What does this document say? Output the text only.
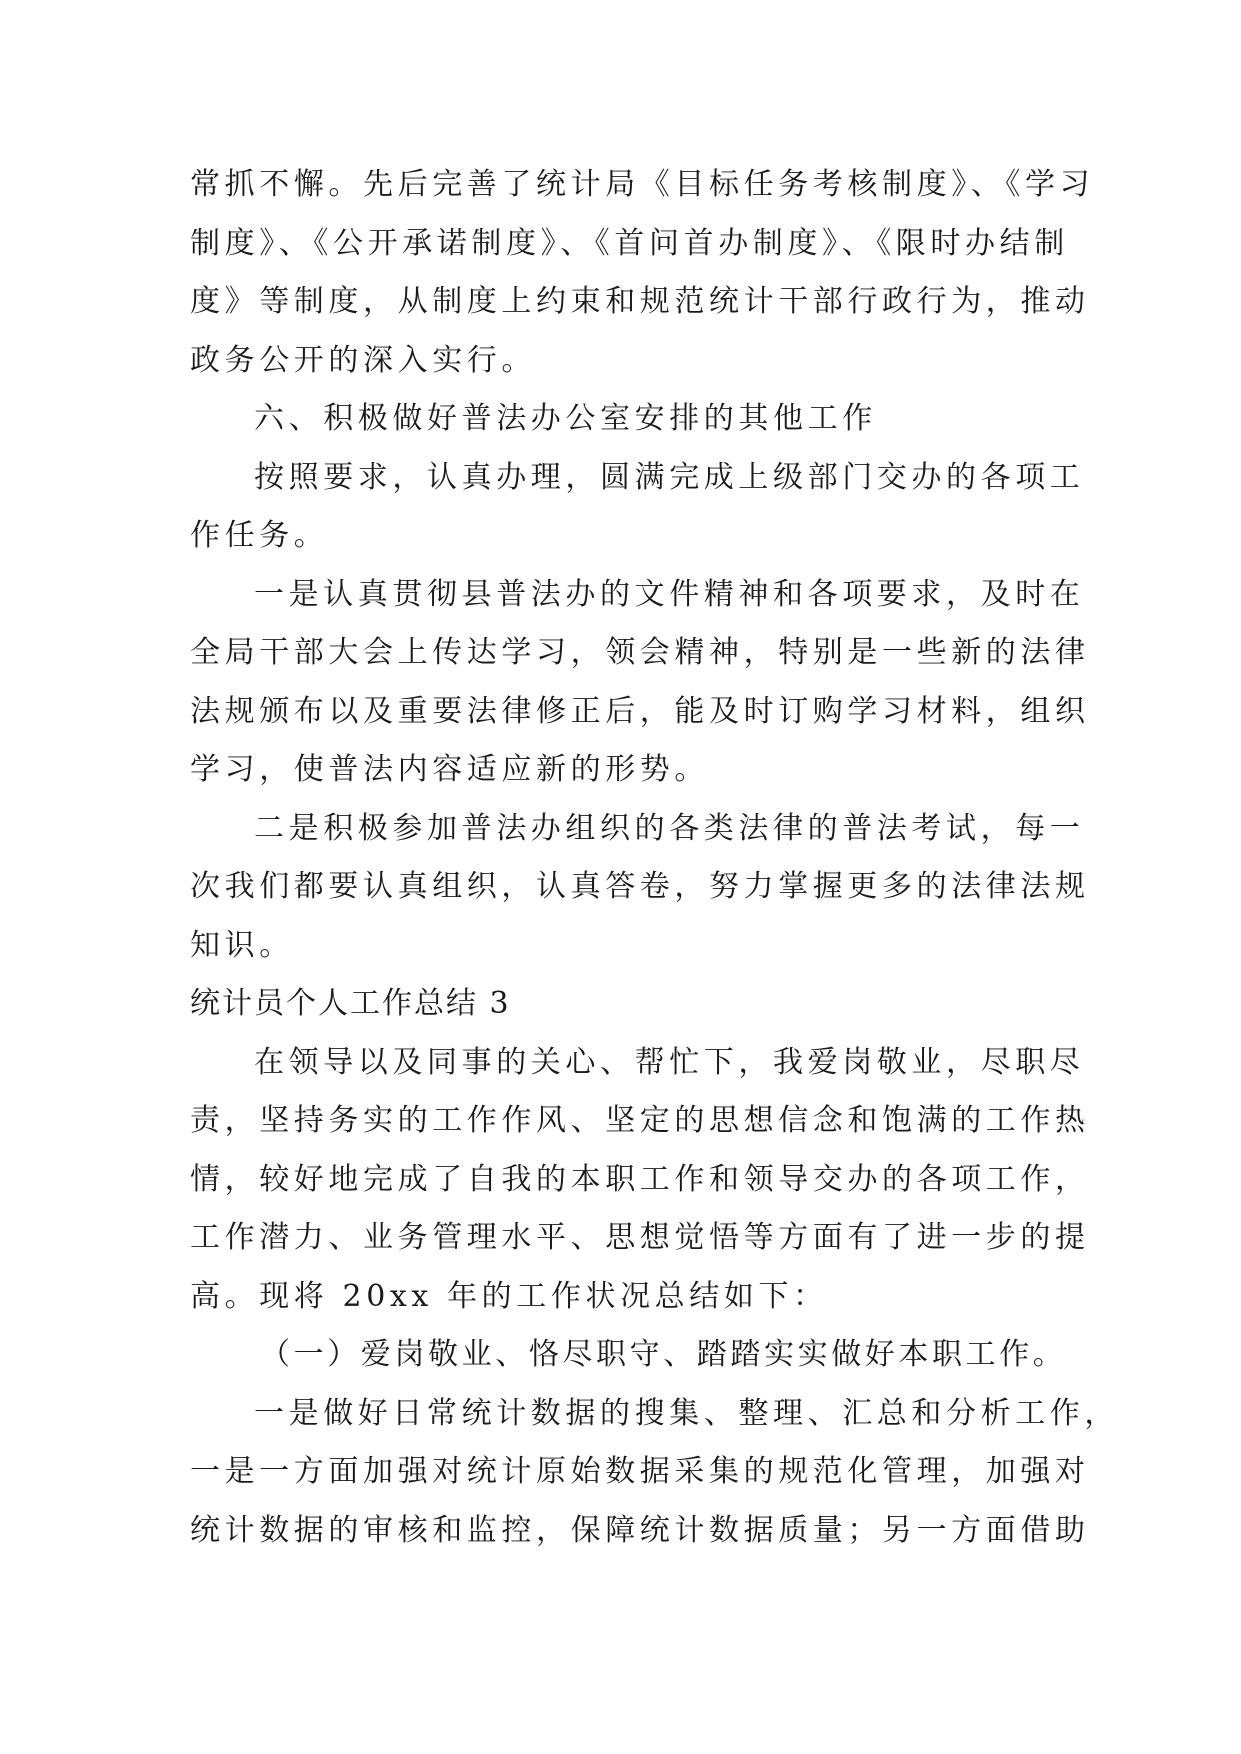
常抓不懈。先后完善了统计局《目标任务考核制度》、《学习
制度》、《公开承诺制度》、《首问首办制度》、《限时办结制
度》等制度，从制度上约束和规范统计干部行政行为，推动
政务公开的深入实行。
六、积极做好普法办公室安排的其他工作
按照要求，认真办理，圆满完成上级部门交办的各项工
作任务。
一是认真贯彻县普法办的文件精神和各项要求，及时在
全局干部大会上传达学习，领会精神，特别是一些新的法律
法规颁布以及重要法律修正后，能及时订购学习材料，组织
学习，使普法内容适应新的形势。
二是积极参加普法办组织的各类法律的普法考试，每一
次我们都要认真组织，认真答卷，努力掌握更多的法律法规
知识。
统计员个人工作总结 3
在领导以及同事的关心、帮忙下，我爱岗敬业，尽职尽
责，坚持务实的工作作风、坚定的思想信念和饱满的工作热
情，较好地完成了自我的本职工作和领导交办的各项工作，
工作潜力、业务管理水平、思想觉悟等方面有了进一步的提
高。现将 20xx 年的工作状况总结如下：
（一）爱岗敬业、恪尽职守、踏踏实实做好本职工作。
一是做好日常统计数据的搜集、整理、汇总和分析工作，
一是一方面加强对统计原始数据采集的规范化管理，加强对
统计数据的审核和监控，保障统计数据质量；另一方面借助
